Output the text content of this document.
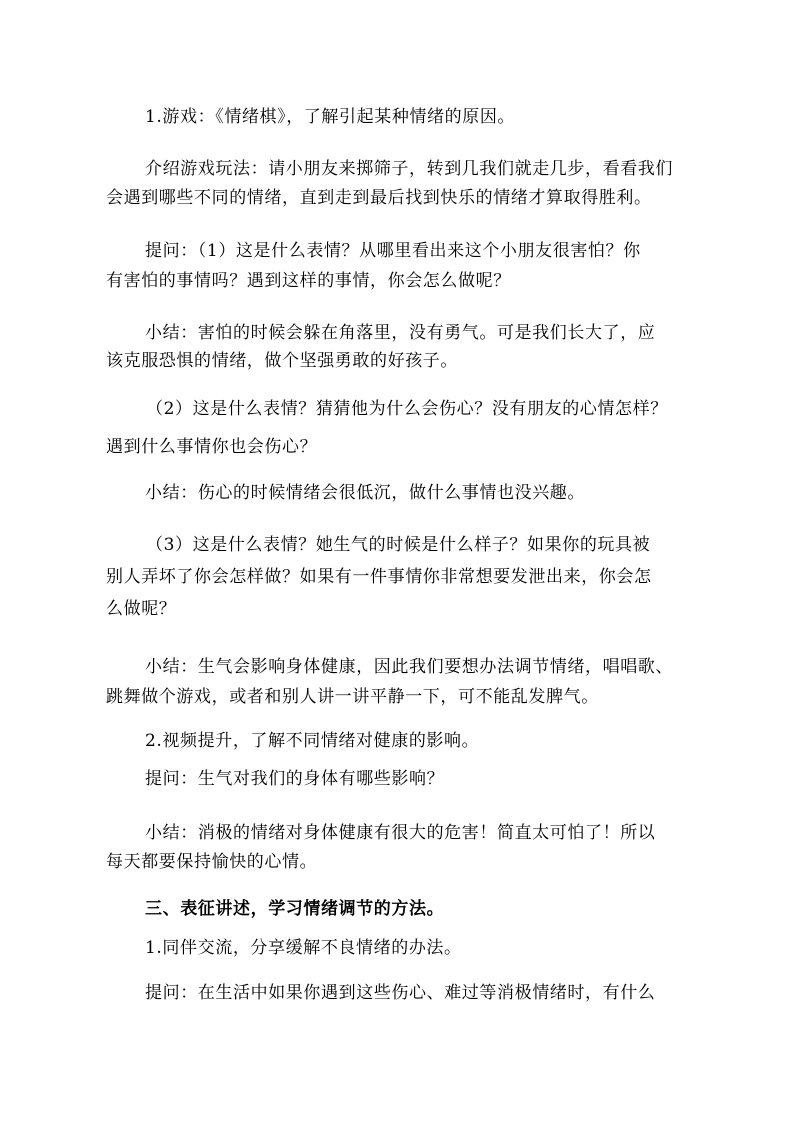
1.游戏：《情绪棋》，了解引起某种情绪的原因。
介绍游戏玩法：请小朋友来掷筛子，转到几我们就走几步，看看我们
会遇到哪些不同的情绪，直到走到最后找到快乐的情绪才算取得胜利。
提问：（1）这是什么表情？从哪里看出来这个小朋友很害怕？你
有害怕的事情吗？遇到这样的事情，你会怎么做呢？
小结：害怕的时候会躲在角落里，没有勇气。可是我们长大了，应
该克服恐惧的情绪，做个坚强勇敢的好孩子。
（2）这是什么表情？猜猜他为什么会伤心？没有朋友的心情怎样？
遇到什么事情你也会伤心？
小结：伤心的时候情绪会很低沉，做什么事情也没兴趣。
（3）这是什么表情？她生气的时候是什么样子？如果你的玩具被
别人弄坏了你会怎样做？如果有一件事情你非常想要发泄出来，你会怎
么做呢？
小结：生气会影响身体健康，因此我们要想办法调节情绪，唱唱歌、
跳舞做个游戏，或者和别人讲一讲平静一下，可不能乱发脾气。
2.视频提升，了解不同情绪对健康的影响。
提问：生气对我们的身体有哪些影响？
小结：消极的情绪对身体健康有很大的危害！简直太可怕了！所以
每天都要保持愉快的心情。
三、表征讲述，学习情绪调节的方法。
1.同伴交流，分享缓解不良情绪的办法。
提问：在生活中如果你遇到这些伤心、难过等消极情绪时，有什么
